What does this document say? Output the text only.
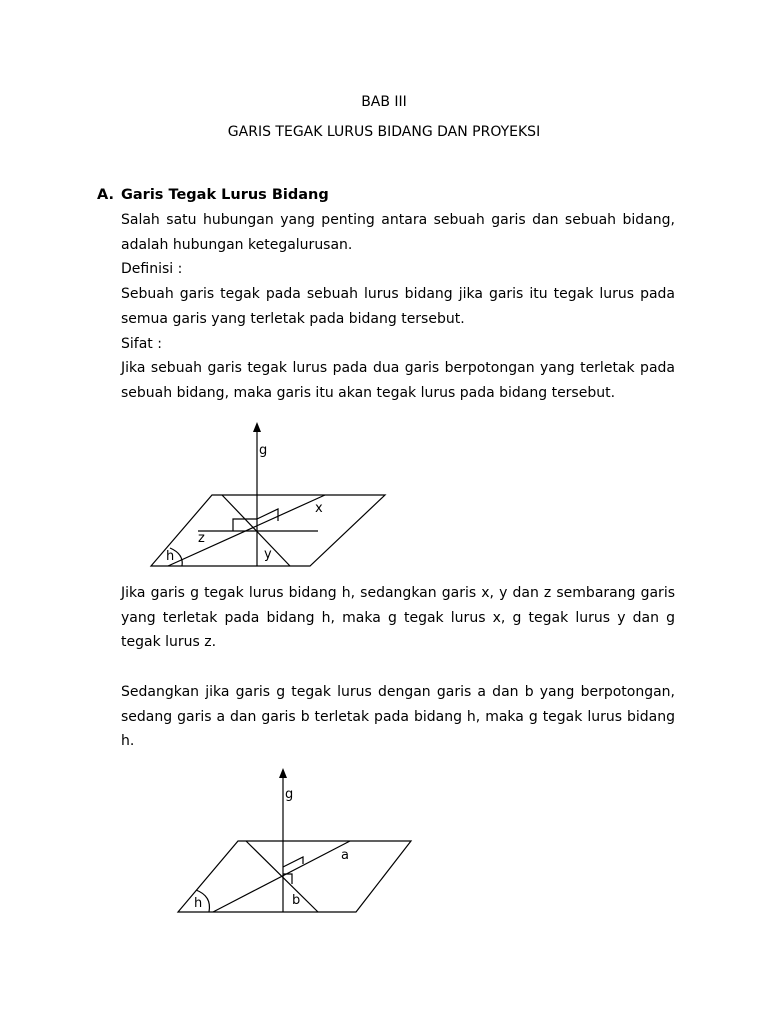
BAB III
GARIS TEGAK LURUS BIDANG DAN PROYEKSI
A. Garis Tegak Lurus Bidang

Salah satu hubungan yang penting antara sebuah garis dan sebuah bidang, adalah hubungan ketegalurusan.

Definisi :

Sebuah garis tegak pada sebuah lurus bidang jika garis itu tegak lurus pada semua garis yang terletak pada bidang tersebut.

Sifat :

Jika sebuah garis tegak lurus pada dua garis berpotongan yang terletak pada sebuah bidang, maka garis itu akan tegak lurus pada bidang tersebut.

g
x
z
y
h
Jika garis g tegak lurus bidang h, sedangkan garis x, y dan z sembarang garis yang terletak pada bidang h, maka g tegak lurus x, g tegak lurus y dan g tegak lurus z.
Sedangkan jika garis g tegak lurus dengan garis a dan b yang berpotongan, sedang garis a dan garis b terletak pada bidang h, maka g tegak lurus bidang h.
g
a
b
h
